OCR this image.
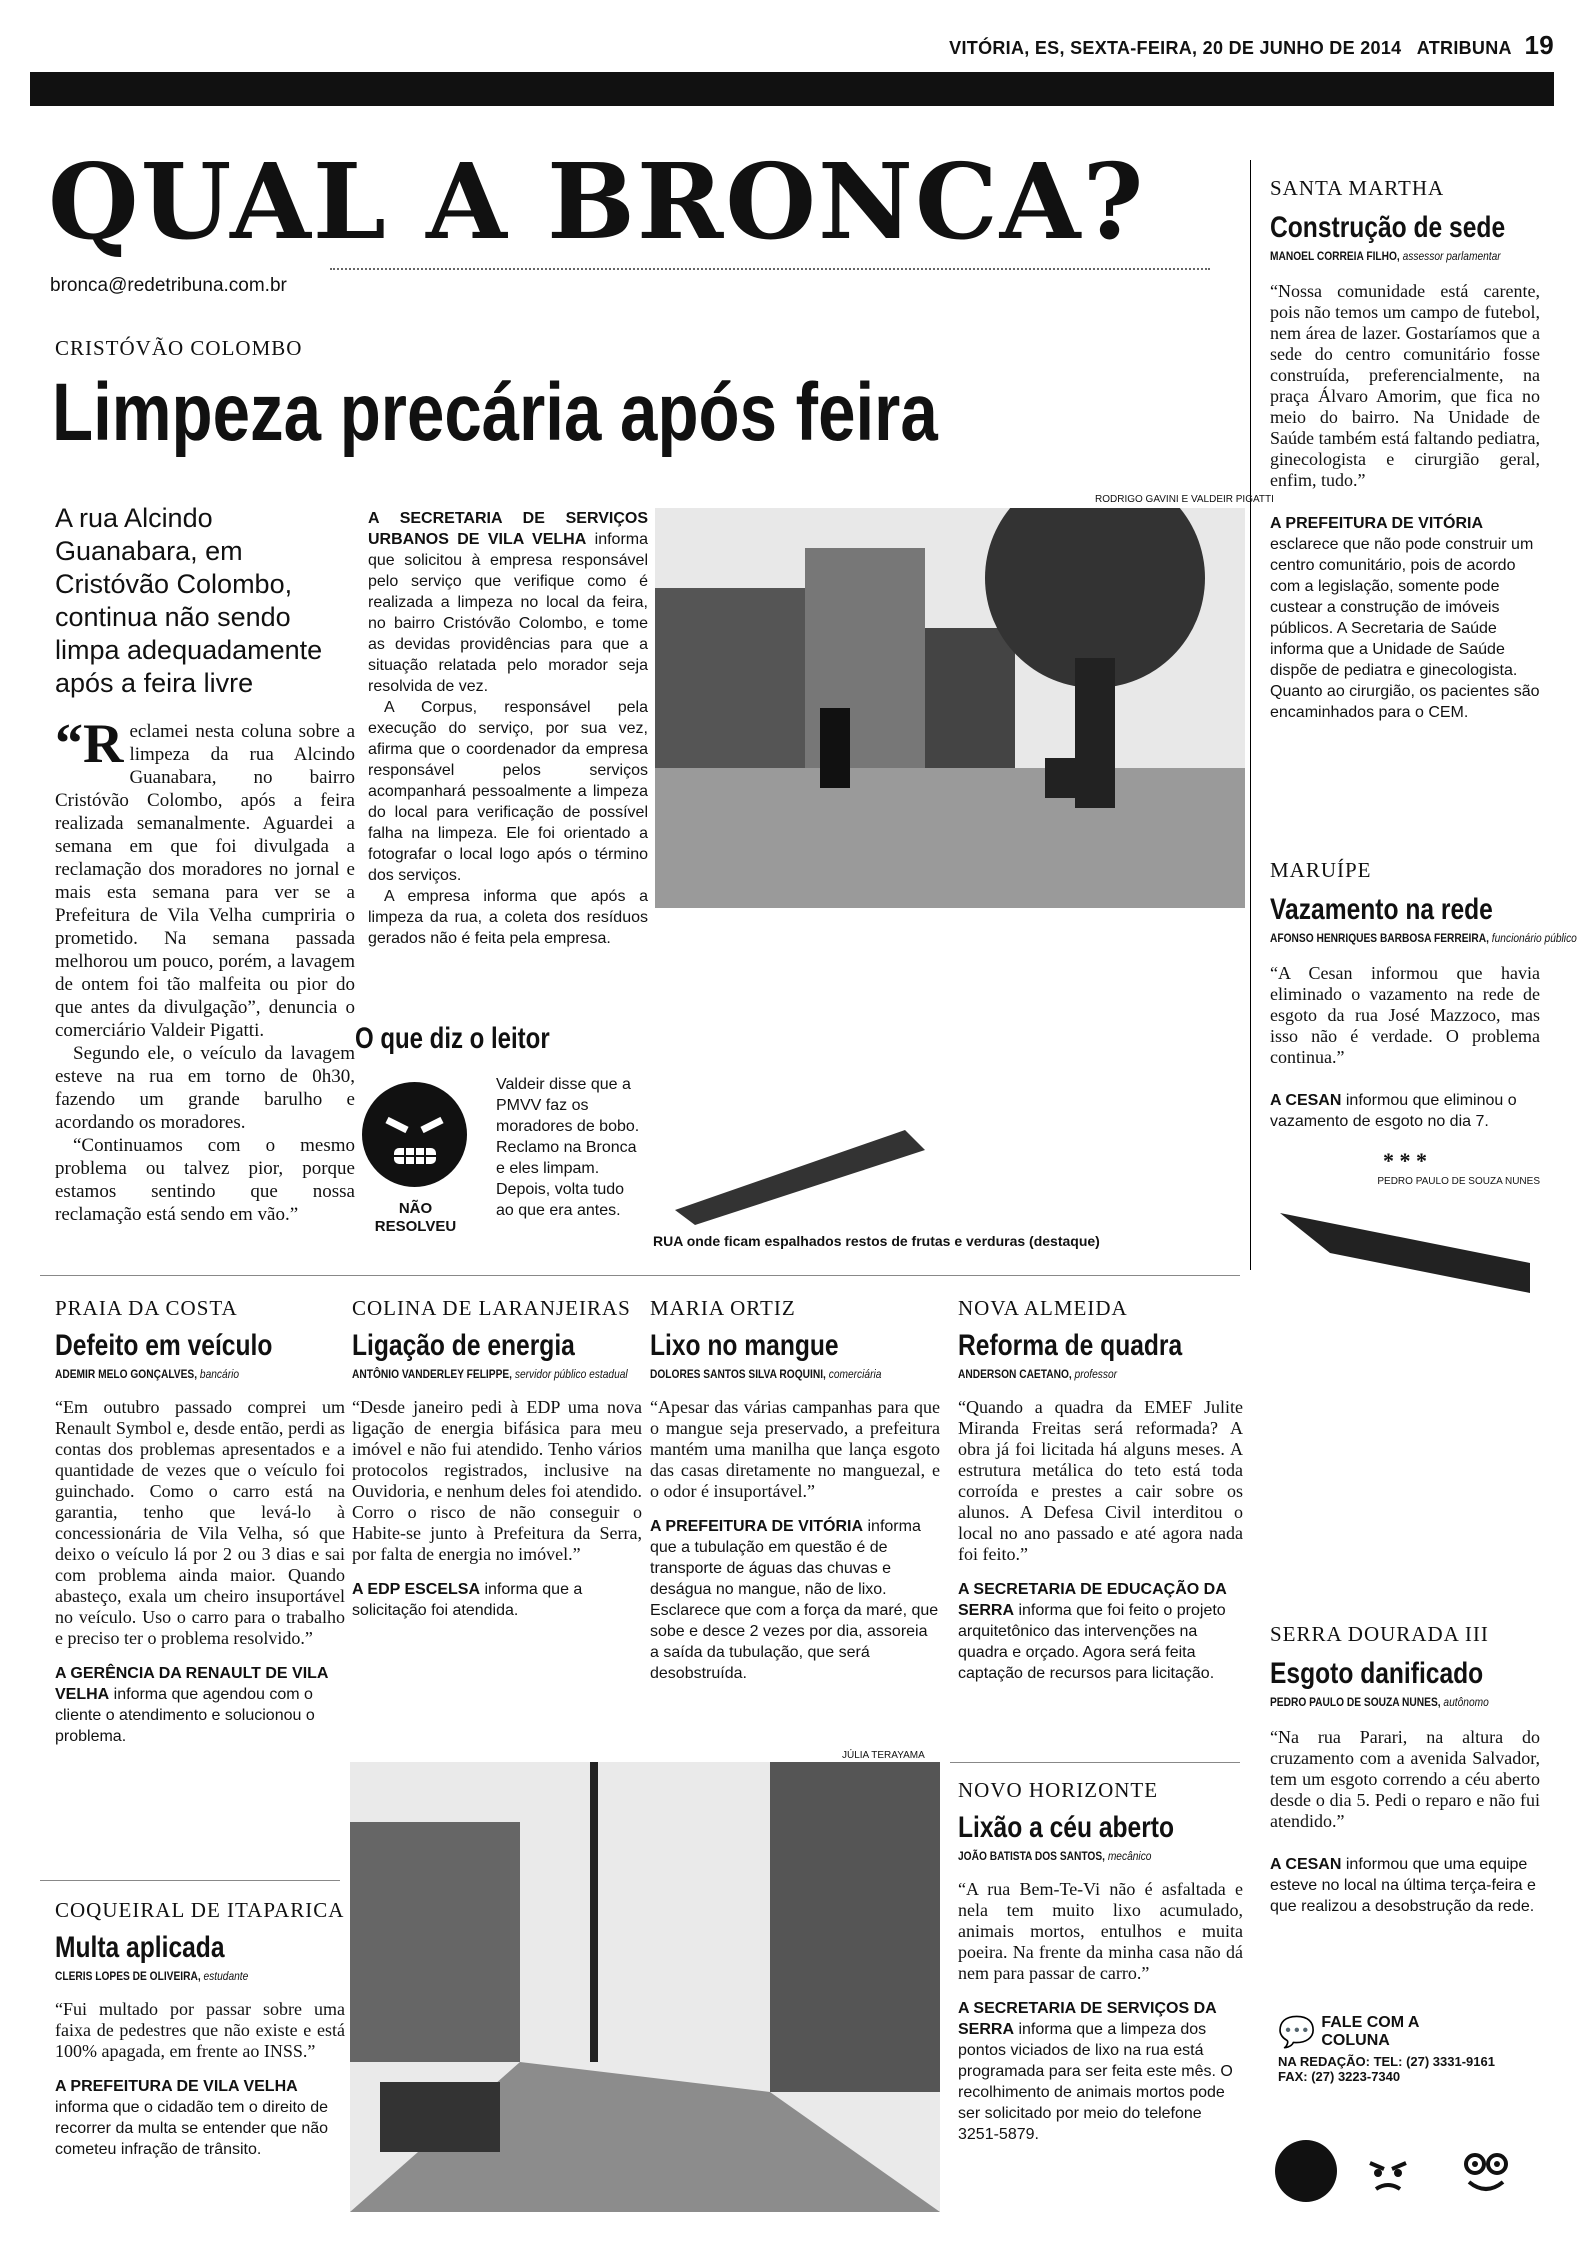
VITÓRIA, ES, SEXTA-FEIRA, 20 DE JUNHO DE 2014 ATRIBUNA 19
QUAL A BRONCA?
bronca@redetribuna.com.br
CRISTÓVÃO COLOMBO
Limpeza precária após feira
A rua Alcindo Guanabara, em Cristóvão Colombo, continua não sendo limpa adequadamente após a feira livre
“R eclamei nesta coluna sobre a limpeza da rua Alcindo Guanabara, no bairro Cristóvão Colombo, após a feira realizada semanalmente. Aguardei a semana em que foi divulgada a reclamação dos moradores no jornal e mais esta semana para ver se a Prefeitura de Vila Velha cumpriria o prometido. Na semana passada melhorou um pouco, porém, a lavagem de ontem foi tão malfeita ou pior do que antes da divulgação”, denuncia o comerciário Valdeir Pigatti.
Segundo ele, o veículo da lavagem esteve na rua em torno de 0h30, fazendo um grande barulho e acordando os moradores.
“Continuamos com o mesmo problema ou talvez pior, porque estamos sentindo que nossa reclamação está sendo em vão.”
A SECRETARIA DE SERVIÇOS URBANOS DE VILA VELHA informa que solicitou à empresa responsável pelo serviço que verifique como é realizada a limpeza no local da feira, no bairro Cristóvão Colombo, e tome as devidas providências para que a situação relatada pelo morador seja resolvida de vez.
A Corpus, responsável pela execução do serviço, por sua vez, afirma que o coordenador da empresa responsável pelos serviços acompanhará pessoalmente a limpeza do local para verificação de possível falha na limpeza. Ele foi orientado a fotografar o local logo após o término dos serviços.
A empresa informa que após a limpeza da rua, a coleta dos resíduos gerados não é feita pela empresa.
O que diz o leitor
NÃO RESOLVEU
Valdeir disse que a PMVV faz os moradores de bobo. Reclamo na Bronca e eles limpam. Depois, volta tudo ao que era antes.
RODRIGO GAVINI E VALDEIR PIGATTI
RUA onde ficam espalhados restos de frutas e verduras (destaque)
SANTA MARTHA
Construção de sede
MANOEL CORREIA FILHO, assessor parlamentar
“Nossa comunidade está carente, pois não temos um campo de futebol, nem área de lazer. Gostaríamos que a sede do centro comunitário fosse construída, preferencialmente, na praça Álvaro Amorim, que fica no meio do bairro. Na Unidade de Saúde também está faltando pediatra, ginecologista e cirurgião geral, enfim, tudo.”
A PREFEITURA DE VITÓRIA esclarece que não pode construir um centro comunitário, pois de acordo com a legislação, somente pode custear a construção de imóveis públicos. A Secretaria de Saúde informa que a Unidade de Saúde dispõe de pediatra e ginecologista. Quanto ao cirurgião, os pacientes são encaminhados para o CEM.
MARUÍPE
Vazamento na rede
AFONSO HENRIQUES BARBOSA FERREIRA, funcionário público
“A Cesan informou que havia eliminado o vazamento na rede de esgoto da rua José Mazzoco, mas isso não é verdade. O problema continua.”
A CESAN informou que eliminou o vazamento de esgoto no dia 7.
* * *
PEDRO PAULO DE SOUZA NUNES
SERRA DOURADA III
Esgoto danificado
PEDRO PAULO DE SOUZA NUNES, autônomo
“Na rua Parari, na altura do cruzamento com a avenida Salvador, tem um esgoto correndo a céu aberto desde o dia 5. Pedi o reparo e não fui atendido.”
A CESAN informou que uma equipe esteve no local na última terça-feira e que realizou a desobstrução da rede.
💬 FALE COM A COLUNA
NA REDAÇÃO: TEL: (27) 3331-9161
FAX: (27) 3223-7340
PRAIA DA COSTA
Defeito em veículo
ADEMIR MELO GONÇALVES, bancário
“Em outubro passado comprei um Renault Symbol e, desde então, perdi as contas dos problemas apresentados e a quantidade de vezes que o veículo foi guinchado. Como o carro está na garantia, tenho que levá-lo à concessionária de Vila Velha, só que deixo o veículo lá por 2 ou 3 dias e sai com problema ainda maior. Quando abasteço, exala um cheiro insuportável no veículo. Uso o carro para o trabalho e preciso ter o problema resolvido.”
A GERÊNCIA DA RENAULT DE VILA VELHA informa que agendou com o cliente o atendimento e solucionou o problema.
COLINA DE LARANJEIRAS
Ligação de energia
ANTÔNIO VANDERLEY FELIPPE, servidor público estadual
“Desde janeiro pedi à EDP uma nova ligação de energia bifásica para meu imóvel e não fui atendido. Tenho vários protocolos registrados, inclusive na Ouvidoria, e nenhum deles foi atendido. Corro o risco de não conseguir o Habite-se junto à Prefeitura da Serra, por falta de energia no imóvel.”
A EDP ESCELSA informa que a solicitação foi atendida.
MARIA ORTIZ
Lixo no mangue
DOLORES SANTOS SILVA ROQUINI, comerciária
“Apesar das várias campanhas para que o mangue seja preservado, a prefeitura mantém uma manilha que lança esgoto das casas diretamente no manguezal, e o odor é insuportável.”
A PREFEITURA DE VITÓRIA informa que a tubulação em questão é de transporte de águas das chuvas e deságua no mangue, não de lixo. Esclarece que com a força da maré, que sobe e desce 2 vezes por dia, assoreia a saída da tubulação, que será desobstruída.
NOVA ALMEIDA
Reforma de quadra
ANDERSON CAETANO, professor
“Quando a quadra da EMEF Julite Miranda Freitas será reformada? A obra já foi licitada há alguns meses. A estrutura metálica do teto está toda corroída e prestes a cair sobre os alunos. A Defesa Civil interditou o local no ano passado e até agora nada foi feito.”
A SECRETARIA DE EDUCAÇÃO DA SERRA informa que foi feito o projeto arquitetônico das intervenções na quadra e orçado. Agora será feita captação de recursos para licitação.
COQUEIRAL DE ITAPARICA
Multa aplicada
CLERIS LOPES DE OLIVEIRA, estudante
“Fui multado por passar sobre uma faixa de pedestres que não existe e está 100% apagada, em frente ao INSS.”
A PREFEITURA DE VILA VELHA informa que o cidadão tem o direito de recorrer da multa se entender que não cometeu infração de trânsito.
JÚLIA TERAYAMA
NOVO HORIZONTE
Lixão a céu aberto
JOÃO BATISTA DOS SANTOS, mecânico
“A rua Bem-Te-Vi não é asfaltada e nela tem muito lixo acumulado, animais mortos, entulhos e muita poeira. Na frente da minha casa não dá nem para passar de carro.”
A SECRETARIA DE SERVIÇOS DA SERRA informa que a limpeza dos pontos viciados de lixo na rua está programada para ser feita este mês. O recolhimento de animais mortos pode ser solicitado por meio do telefone 3251-5879.
